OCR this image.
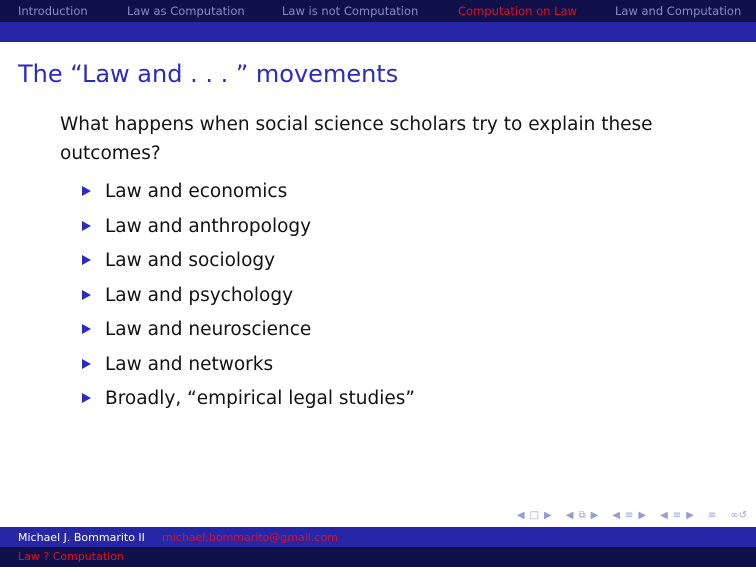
Introduction	Law as Computation	Law is not Computation	Computation on Law	Law and Computation
The “Law and . . . ” movements
What happens when social science scholars try to explain these outcomes?
Law and economics
Law and anthropology
Law and sociology
Law and psychology
Law and neuroscience
Law and networks
Broadly, “empirical legal studies”
◀ □ ▶ ◀ ⧉ ▶ ◀ ≡ ▶ ◀ ≡ ▶ ≡ ∞↺
Michael J. Bommarito II michael.bommarito@gmail.com
Law ? Computation
